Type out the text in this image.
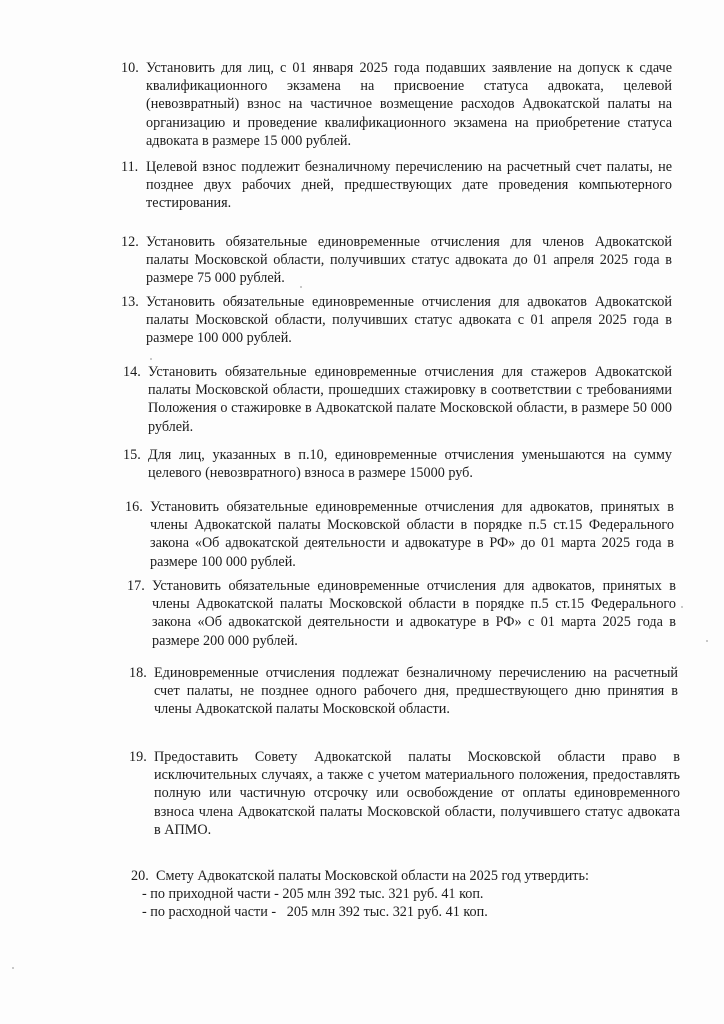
10. Установить для лиц, с 01 января 2025 года подавших заявление на допуск к сдаче квалификационного экзамена на присвоение статуса адвоката, целевой (невозвратный) взнос на частичное возмещение расходов Адвокатской палаты на организацию и проведение квалификационного экзамена на приобретение статуса адвоката в размере 15 000 рублей.
11. Целевой взнос подлежит безналичному перечислению на расчетный счет палаты, не позднее двух рабочих дней, предшествующих дате проведения компьютерного тестирования.
12. Установить обязательные единовременные отчисления для членов Адвокатской палаты Московской области, получивших статус адвоката до 01 апреля 2025 года в размере 75 000 рублей.
13. Установить обязательные единовременные отчисления для адвокатов Адвокатской палаты Московской области, получивших статус адвоката с 01 апреля 2025 года в размере 100 000 рублей.
14. Установить обязательные единовременные отчисления для стажеров Адвокатской палаты Московской области, прошедших стажировку в соответствии с требованиями Положения о стажировке в Адвокатской палате Московской области, в размере 50 000 рублей.
15. Для лиц, указанных в п.10, единовременные отчисления уменьшаются на сумму целевого (невозвратного) взноса в размере 15000 руб.
16. Установить обязательные единовременные отчисления для адвокатов, принятых в члены Адвокатской палаты Московской области в порядке п.5 ст.15 Федерального закона «Об адвокатской деятельности и адвокатуре в РФ» до 01 марта 2025 года в размере 100 000 рублей.
17. Установить обязательные единовременные отчисления для адвокатов, принятых в члены Адвокатской палаты Московской области в порядке п.5 ст.15 Федерального закона «Об адвокатской деятельности и адвокатуре в РФ» с 01 марта 2025 года в размере 200 000 рублей.
18. Единовременные отчисления подлежат безналичному перечислению на расчетный счет палаты, не позднее одного рабочего дня, предшествующего дню принятия в члены Адвокатской палаты Московской области.
19. Предоставить Совету Адвокатской палаты Московской области право в исключительных случаях, а также с учетом материального положения, предоставлять полную или частичную отсрочку или освобождение от оплаты единовременного взноса члена Адвокатской палаты Московской области, получившего статус адвоката в АПМО.
20. Смету Адвокатской палаты Московской области на 2025 год утвердить:
- по приходной части - 205 млн 392 тыс. 321 руб. 41 коп.
- по расходной части -   205 млн 392 тыс. 321 руб. 41 коп.
